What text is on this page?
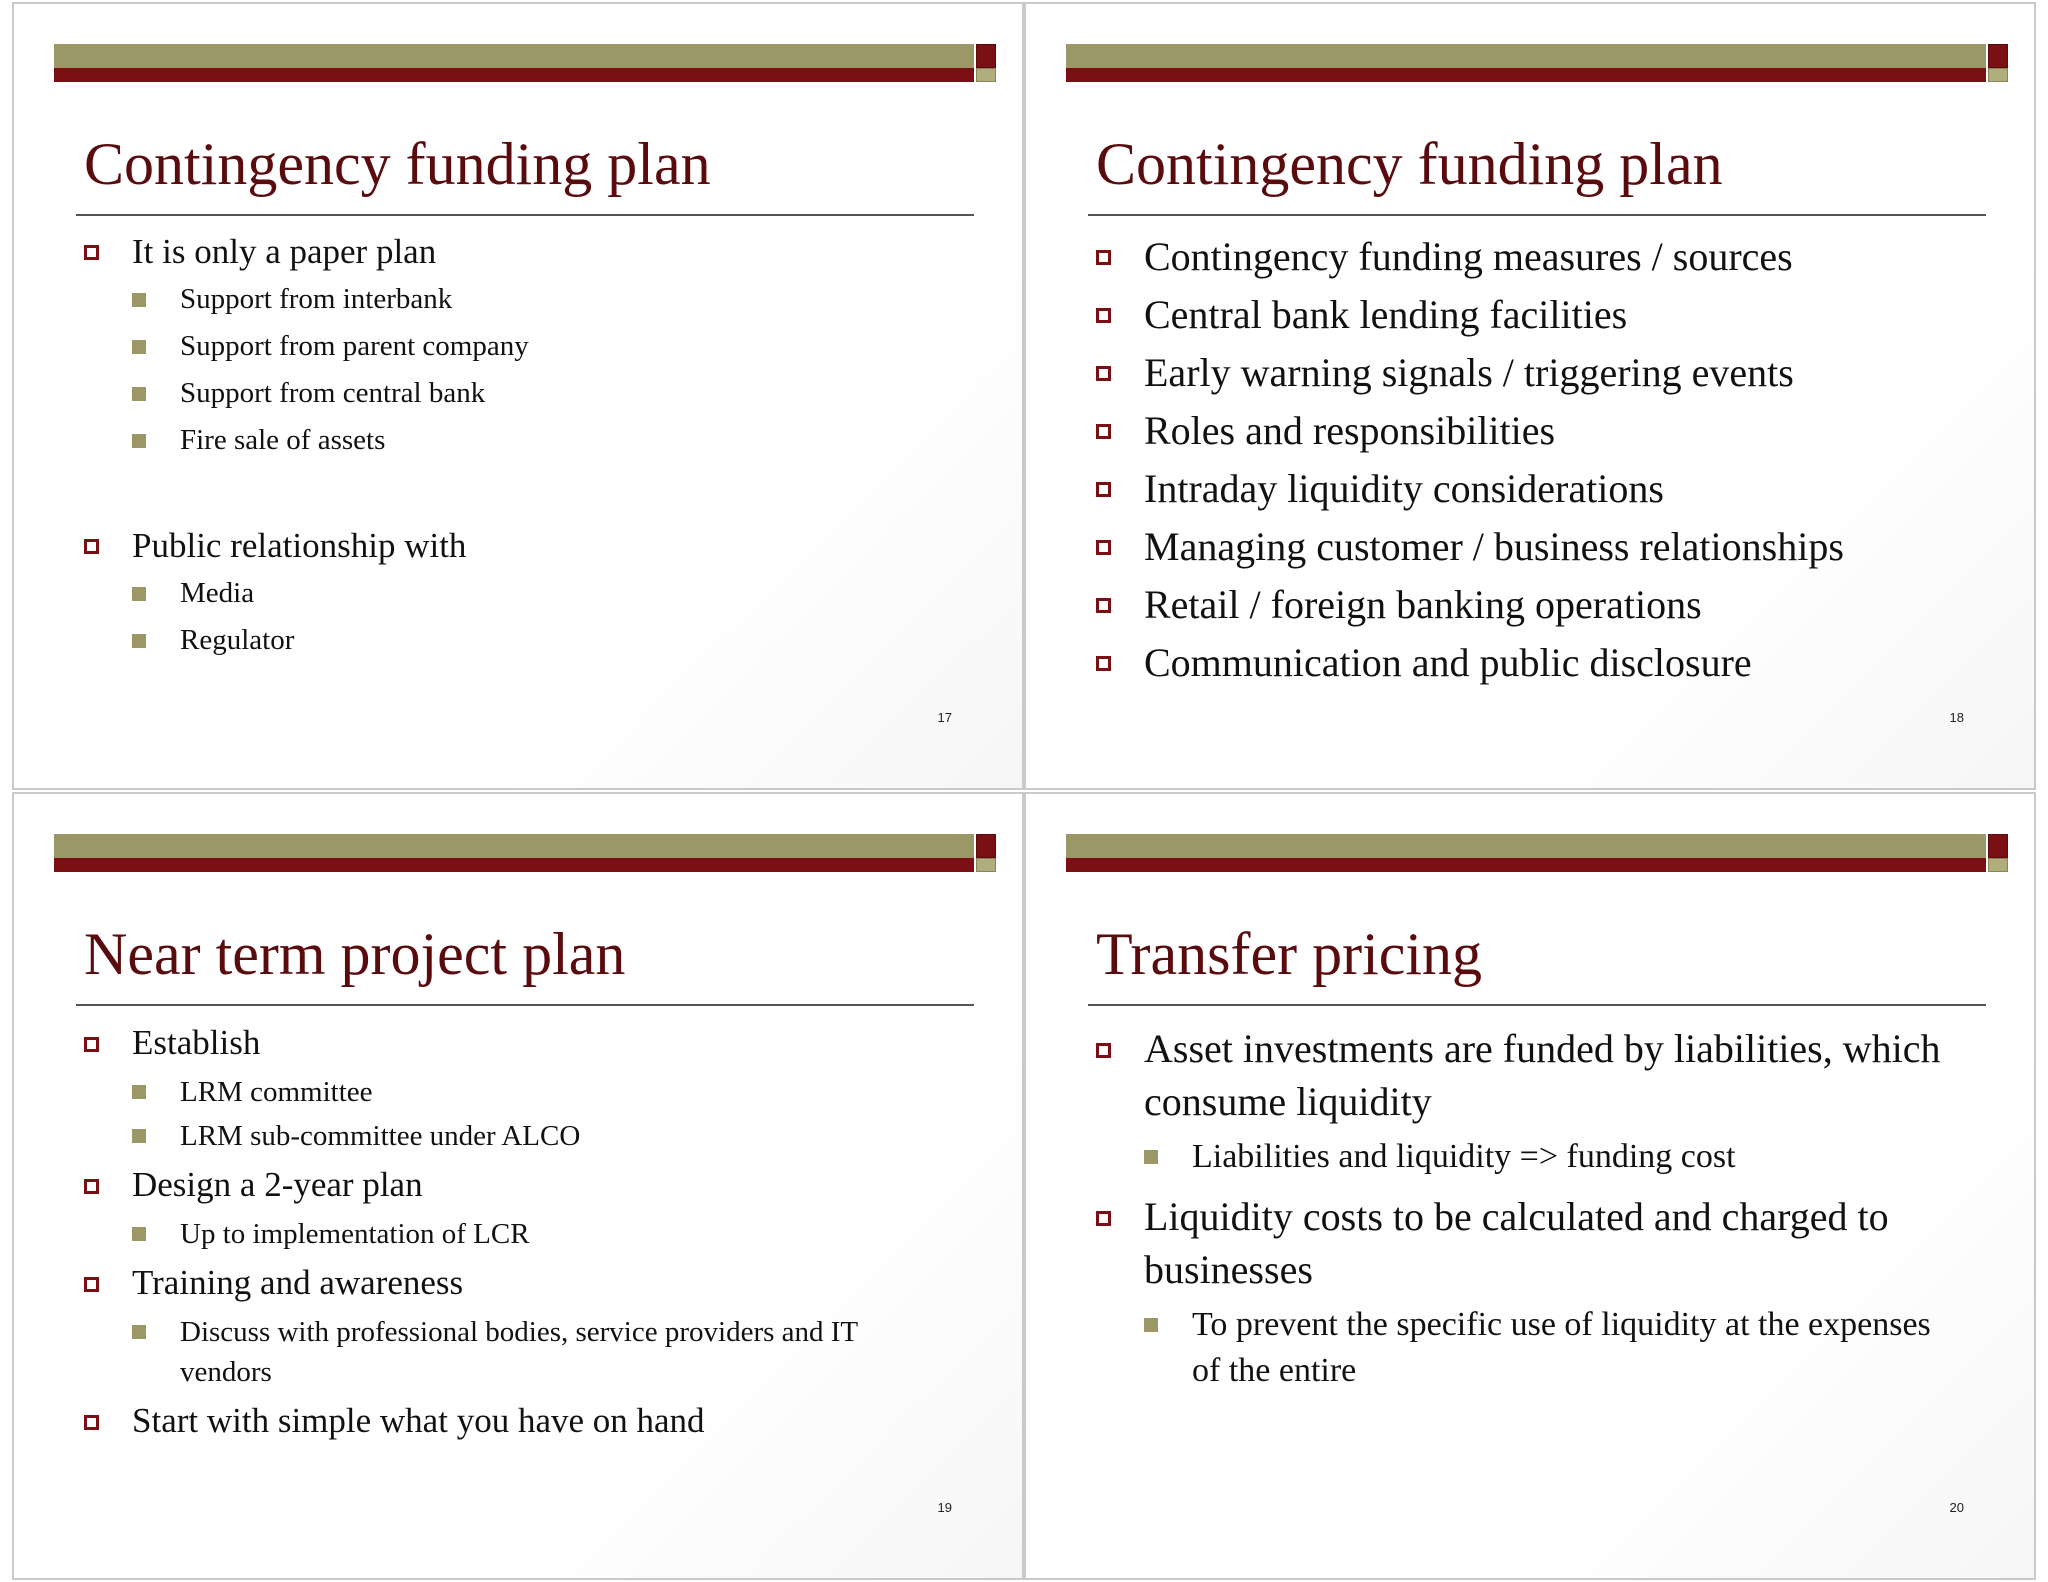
Contingency funding plan
It is only a paper plan
Support from interbank
Support from parent company
Support from central bank
Fire sale of assets
Public relationship with
Media
Regulator
17
Contingency funding plan
Contingency funding measures / sources
Central bank lending facilities
Early warning signals / triggering events
Roles and responsibilities
Intraday liquidity considerations
Managing customer / business relationships
Retail / foreign banking operations
Communication and public disclosure
18
Near term project plan
Establish
LRM committee
LRM sub-committee under ALCO
Design a 2-year plan
Up to implementation of LCR
Training and awareness
Discuss with professional bodies, service providers and IT vendors
Start with simple what you have on hand
19
Transfer pricing
Asset investments are funded by liabilities, which consume liquidity
Liabilities and liquidity => funding cost
Liquidity costs to be calculated and charged to businesses
To prevent the specific use of liquidity at the expenses of the entire
20
